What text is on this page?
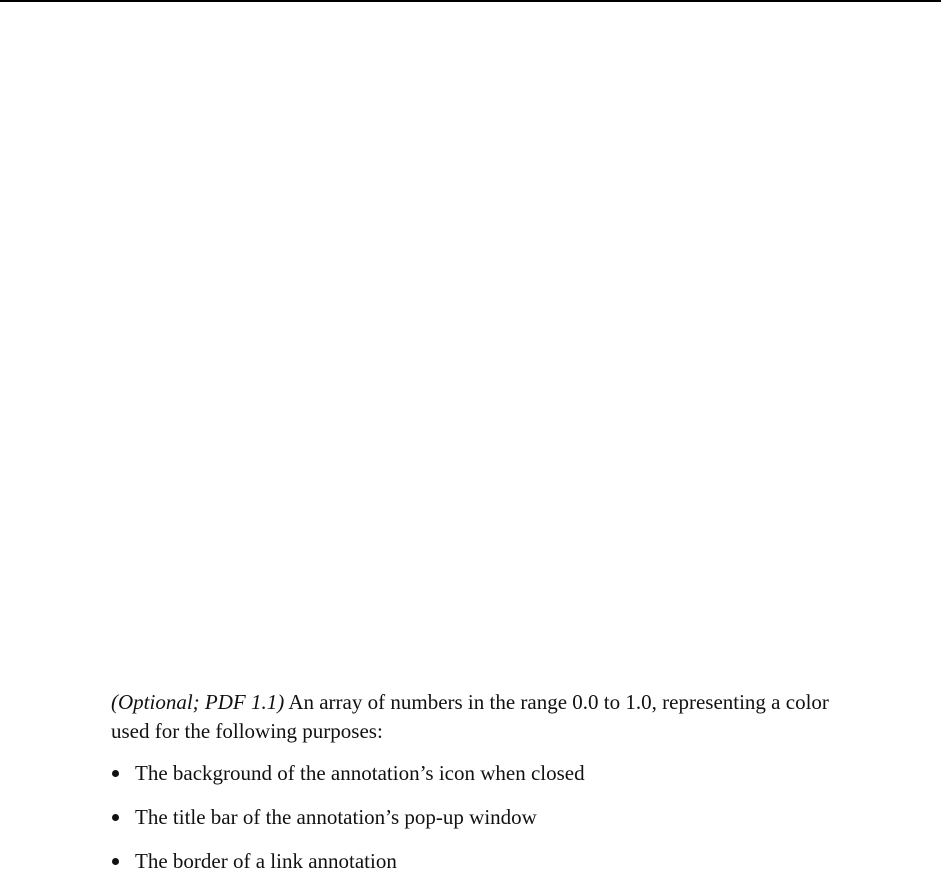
(Optional; PDF 1.1) An array of numbers in the range 0.0 to 1.0, representing a color used for the following purposes:

The background of the annotation’s icon when closed
The title bar of the annotation’s pop-up window
The border of a link annotation
